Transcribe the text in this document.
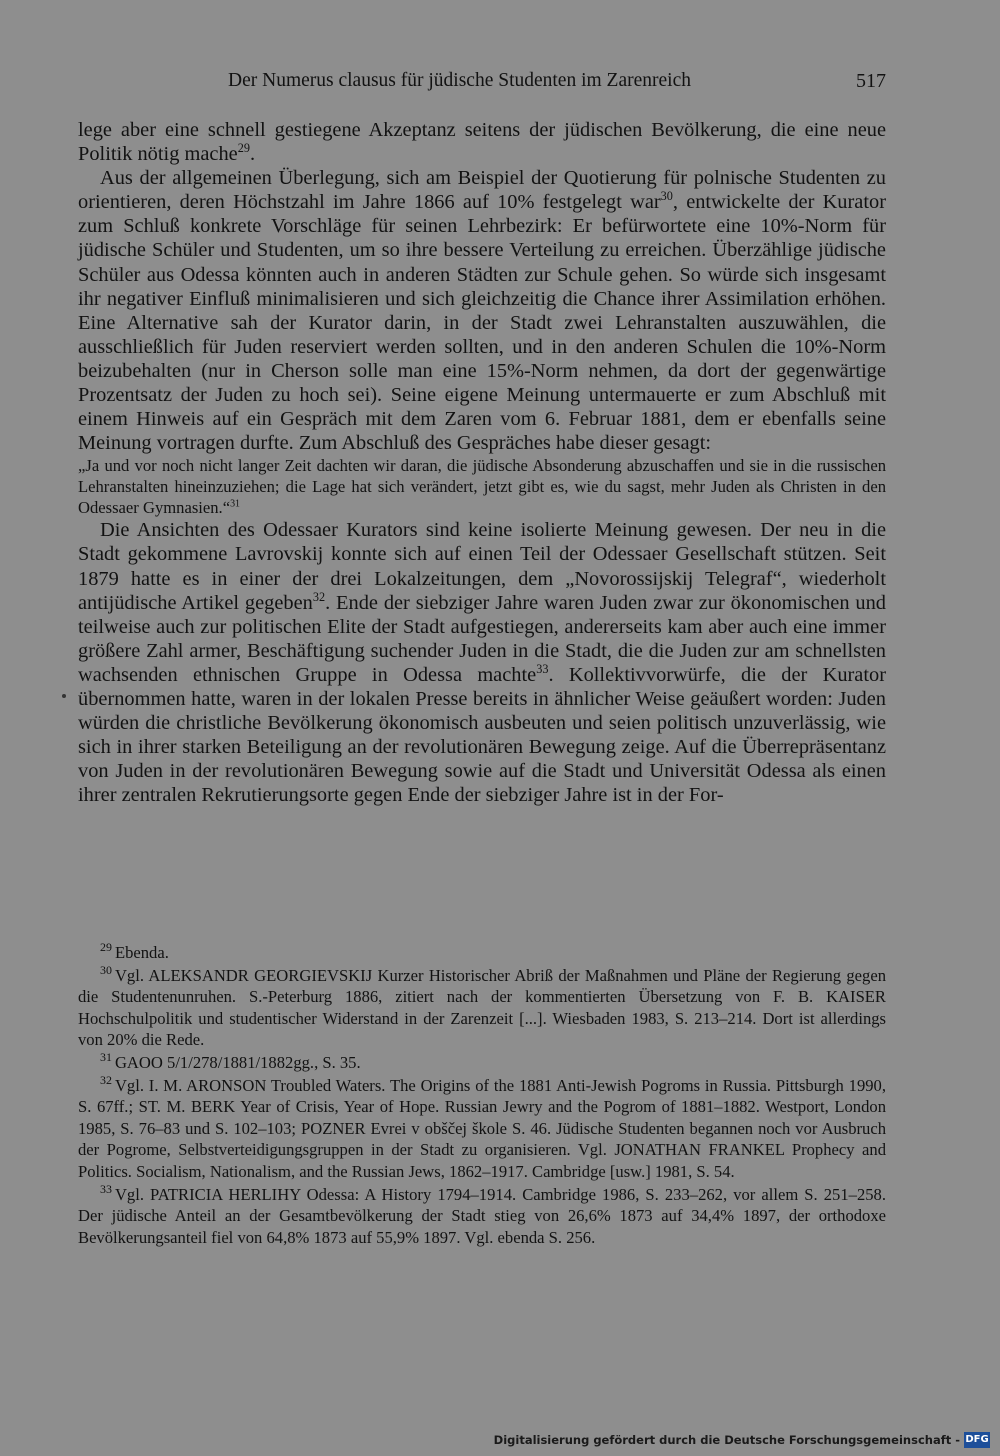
Der Numerus clausus für jüdische Studenten im Zarenreich	517

lege aber eine schnell gestiegene Akzeptanz seitens der jüdischen Bevölkerung, die eine neue Politik nötig mache$^{29}$.

Aus der allgemeinen Überlegung, sich am Beispiel der Quotierung für polnische Studenten zu orientieren, deren Höchstzahl im Jahre 1866 auf 10% festgelegt war$^{30}$, entwickelte der Kurator zum Schluß konkrete Vorschläge für seinen Lehrbezirk: Er befürwortete eine 10%-Norm für jüdische Schüler und Studenten, um so ihre bessere Verteilung zu erreichen. Überzählige jüdische Schüler aus Odessa könnten auch in anderen Städten zur Schule gehen. So würde sich insgesamt ihr negativer Einfluß minimalisieren und sich gleichzeitig die Chance ihrer Assimilation erhöhen. Eine Alternative sah der Kurator darin, in der Stadt zwei Lehranstalten auszuwählen, die ausschließlich für Juden reserviert werden sollten, und in den anderen Schulen die 10%-Norm beizubehalten (nur in Cherson solle man eine 15%-Norm nehmen, da dort der gegenwärtige Prozentsatz der Juden zu hoch sei). Seine eigene Meinung untermauerte er zum Abschluß mit einem Hinweis auf ein Gespräch mit dem Zaren vom 6. Februar 1881, dem er ebenfalls seine Meinung vortragen durfte. Zum Abschluß des Gespräches habe dieser gesagt:

„Ja und vor noch nicht langer Zeit dachten wir daran, die jüdische Absonderung abzuschaffen und sie in die russischen Lehranstalten hineinzuziehen; die Lage hat sich verändert, jetzt gibt es, wie du sagst, mehr Juden als Christen in den Odessaer Gymnasien.“$^{31}$

Die Ansichten des Odessaer Kurators sind keine isolierte Meinung gewesen. Der neu in die Stadt gekommene Lavrovskij konnte sich auf einen Teil der Odessaer Gesellschaft stützen. Seit 1879 hatte es in einer der drei Lokalzeitungen, dem „Novorossijskij Telegraf“, wiederholt antijüdische Artikel gegeben$^{32}$. Ende der siebziger Jahre waren Juden zwar zur ökonomischen und teilweise auch zur politischen Elite der Stadt aufgestiegen, andererseits kam aber auch eine immer größere Zahl armer, Beschäftigung suchender Juden in die Stadt, die die Juden zur am schnellsten wachsenden ethnischen Gruppe in Odessa machte$^{33}$. Kollektivvorwürfe, die der Kurator übernommen hatte, waren in der lokalen Presse bereits in ähnlicher Weise geäußert worden: Juden würden die christliche Bevölkerung ökonomisch ausbeuten und seien politisch unzuverlässig, wie sich in ihrer starken Beteiligung an der revolutionären Bewegung zeige. Auf die Überrepräsentanz von Juden in der revolutionären Bewegung sowie auf die Stadt und Universität Odessa als einen ihrer zentralen Rekrutierungsorte gegen Ende der siebziger Jahre ist in der For-

$^{29}$ Ebenda.

$^{30}$ Vgl. ALEKSANDR GEORGIEVSKIJ Kurzer Historischer Abriß der Maßnahmen und Pläne der Regierung gegen die Studentenunruhen. S.-Peterburg 1886, zitiert nach der kommentierten Übersetzung von F. B. KAISER Hochschulpolitik und studentischer Widerstand in der Zarenzeit [...]. Wiesbaden 1983, S. 213–214. Dort ist allerdings von 20% die Rede.

$^{31}$ GAOO 5/1/278/1881/1882gg., S. 35.

$^{32}$ Vgl. I. M. ARONSON Troubled Waters. The Origins of the 1881 Anti-Jewish Pogroms in Russia. Pittsburgh 1990, S. 67ff.; ST. M. BERK Year of Crisis, Year of Hope. Russian Jewry and the Pogrom of 1881–1882. Westport, London 1985, S. 76–83 und S. 102–103; POZNER Evrei v obščej škole S. 46. Jüdische Studenten begannen noch vor Ausbruch der Pogrome, Selbstverteidigungsgruppen in der Stadt zu organisieren. Vgl. JONATHAN FRANKEL Prophecy and Politics. Socialism, Nationalism, and the Russian Jews, 1862–1917. Cambridge [usw.] 1981, S. 54.

$^{33}$ Vgl. PATRICIA HERLIHY Odessa: A History 1794–1914. Cambridge 1986, S. 233–262, vor allem S. 251–258. Der jüdische Anteil an der Gesamtbevölkerung der Stadt stieg von 26,6% 1873 auf 34,4% 1897, der orthodoxe Bevölkerungsanteil fiel von 64,8% 1873 auf 55,9% 1897. Vgl. ebenda S. 256.

Digitalisierung gefördert durch die Deutsche Forschungsgemeinschaft - DFG
